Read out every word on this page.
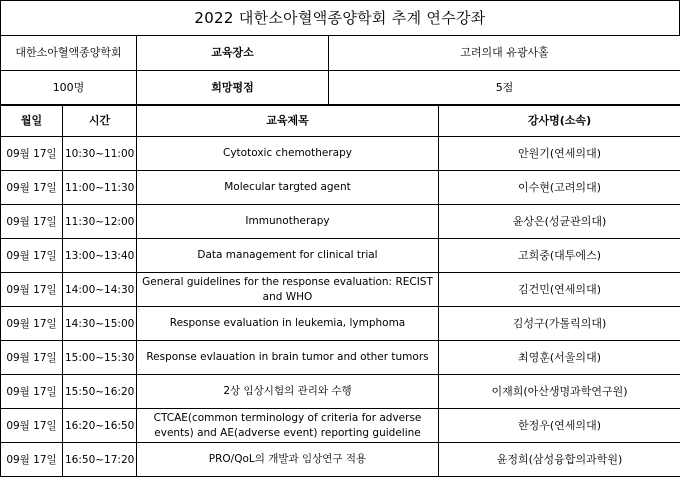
2022 대한소아혈액종양학회 추계 연수강좌
대한소아혈액종양학회	교육장소	고려의대 유광사홀
100명	희망평점	5점
월일	시간	교육제목	강사명(소속)
09월 17일	10:30~11:00	Cytotoxic chemotherapy	안원기(연세의대)
09월 17일	11:00~11:30	Molecular targted agent	이수현(고려의대)
09월 17일	11:30~12:00	Immunotherapy	윤상은(성균관의대)
09월 17일	13:00~13:40	Data management for clinical trial	고희중(대투에스)
09월 17일	14:00~14:30	General guidelines for the response evaluation: RECIST and WHO	김건민(연세의대)
09월 17일	14:30~15:00	Response evaluation in leukemia, lymphoma	김성구(가톨릭의대)
09월 17일	15:00~15:30	Response evlauation in brain tumor and other tumors	최영훈(서울의대)
09월 17일	15:50~16:20	2상 임상시험의 관리와 수행	이재희(아산생명과학연구원)
09월 17일	16:20~16:50	CTCAE(common terminology of criteria for adverse events) and AE(adverse event) reporting guideline	한정우(연세의대)
09월 17일	16:50~17:20	PRO/QoL의 개발과 임상연구 적용	윤정희(삼성융합의과학원)
